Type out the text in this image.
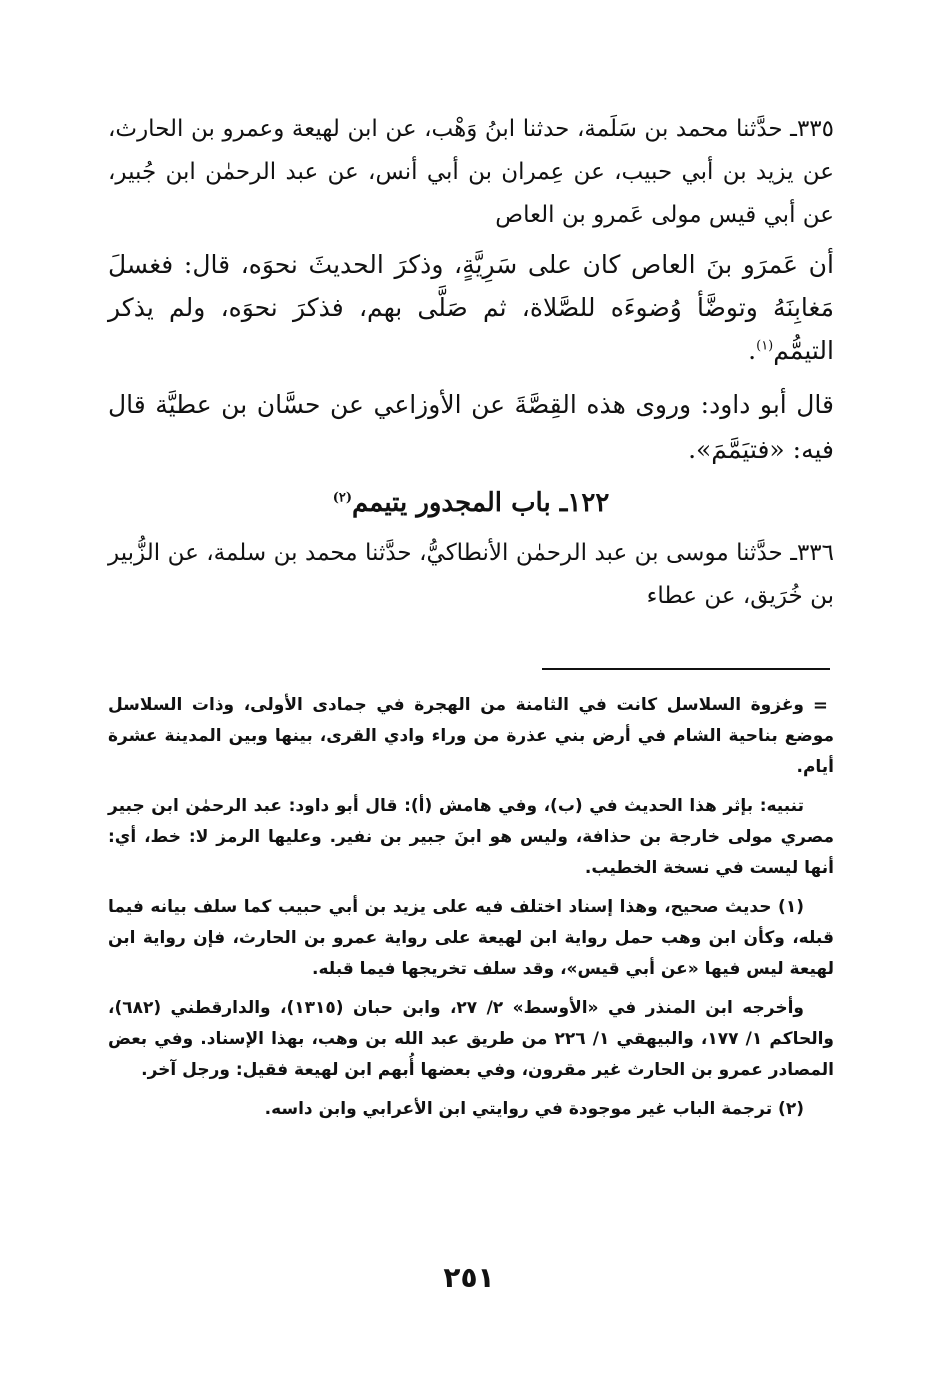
٣٣٥ـ حدَّثنا محمد بن سَلَمة، حدثنا ابنُ وَهْب، عن ابن لهيعة وعمرو بن الحارث، عن يزيد بن أبي حبيب، عن عِمران بن أبي أنس، عن عبد الرحمٰن ابن جُبير، عن أبي قيس مولى عَمرو بن العاص

أن عَمرَو بنَ العاص كان على سَرِيَّةٍ، وذكرَ الحديثَ نحوَه، قال: فغسلَ مَغابِنَهُ وتوضَّأ وُضوءَه للصَّلاة، ثم صَلَّى بهم، فذكرَ نحوَه، ولم يذكر التيمُّم$^{(١)}$.

قال أبو داود: وروى هذه القِصَّةَ عن الأوزاعي عن حسَّان بن عطيَّة قال فيه: «فتيَمَّمَ».

١٢٢ـ باب المجدور يتيمم$^{(٢)}$

٣٣٦ـ حدَّثنا موسى بن عبد الرحمٰن الأنطاكيُّ، حدَّثنا محمد بن سلمة، عن الزُّبير بن خُرَيق، عن عطاء

=
وغزوة السلاسل كانت في الثامنة من الهجرة في جمادى الأولى، وذات السلاسل موضع بناحية الشام في أرض بني عذرة من وراء وادي القرى، بينها وبين المدينة عشرة أيام.

تنبيه: بإثر هذا الحديث في (ب)، وفي هامش (أ): قال أبو داود: عبد الرحمٰن ابن جبير مصري مولى خارجة بن حذافة، وليس هو ابنَ جبير بن نفير. وعليها الرمز لا: خط، أي: أنها ليست في نسخة الخطيب.

(١) حديث صحيح، وهذا إسناد اختلف فيه على يزيد بن أبي حبيب كما سلف بيانه فيما قبله، وكأن ابن وهب حمل رواية ابن لهيعة على رواية عمرو بن الحارث، فإن رواية ابن لهيعة ليس فيها «عن أبي قيس»، وقد سلف تخريجها فيما قبله.

وأخرجه ابن المنذر في «الأوسط» ٢/ ٢٧، وابن حبان (١٣١٥)، والدارقطني (٦٨٢)، والحاكم ١/ ١٧٧، والبيهقي ١/ ٢٢٦ من طريق عبد الله بن وهب، بهذا الإسناد. وفي بعض المصادر عمرو بن الحارث غير مقرون، وفي بعضها أُبهم ابن لهيعة فقيل: ورجل آخر.

(٢) ترجمة الباب غير موجودة في روايتي ابن الأعرابي وابن داسه.

٢٥١
